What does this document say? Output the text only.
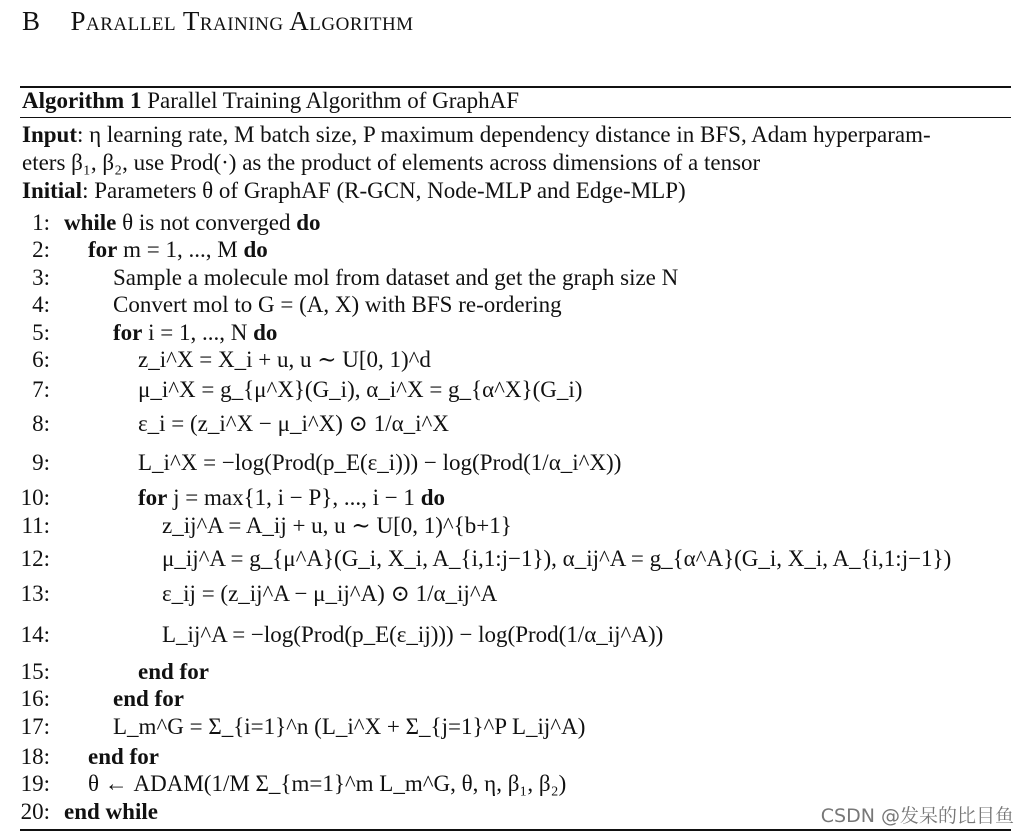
B Parallel Training Algorithm
Algorithm 1 Parallel Training Algorithm of GraphAF
Input: η learning rate, M batch size, P maximum dependency distance in BFS, Adam hyperparam-
eters β₁, β₂, use Prod(·) as the product of elements across dimensions of a tensor
Initial: Parameters θ of GraphAF (R-GCN, Node-MLP and Edge-MLP)
1: while θ is not converged do
2: for m = 1, ..., M do
3:	Sample a molecule mol from dataset and get the graph size N
4:	Convert mol to G = (A, X) with BFS re-ordering
5:	for i = 1, ..., N do
6:	z_i^X = X_i + u, u ∼ U[0, 1)^d
7:	μ_i^X = g_{μ^X}(G_i), α_i^X = g_{α^X}(G_i)
8:	ε_i = (z_i^X − μ_i^X) ⊙ 1/α_i^X
9:	L_i^X = −log(Prod(p_E(ε_i))) − log(Prod(1/α_i^X))
10:	for j = max{1, i − P}, ..., i − 1 do
11:	z_ij^A = A_ij + u, u ∼ U[0, 1)^{b+1}
12:	μ_ij^A = g_{μ^A}(G_i, X_i, A_{i,1:j−1}), α_ij^A = g_{α^A}(G_i, X_i, A_{i,1:j−1})
13:	ε_ij = (z_ij^A − μ_ij^A) ⊙ 1/α_ij^A
14:	L_ij^A = −log(Prod(p_E(ε_ij))) − log(Prod(1/α_ij^A))
15:	end for
16:	end for
17:	L_m^G = Σ_{i=1}^n (L_i^X + Σ_{j=1}^P L_ij^A)
18: end for
19: θ ← ADAM(1/M Σ_{m=1}^m L_m^G, θ, η, β₁, β₂)
20: end while	CSDN @发呆的比目鱼
